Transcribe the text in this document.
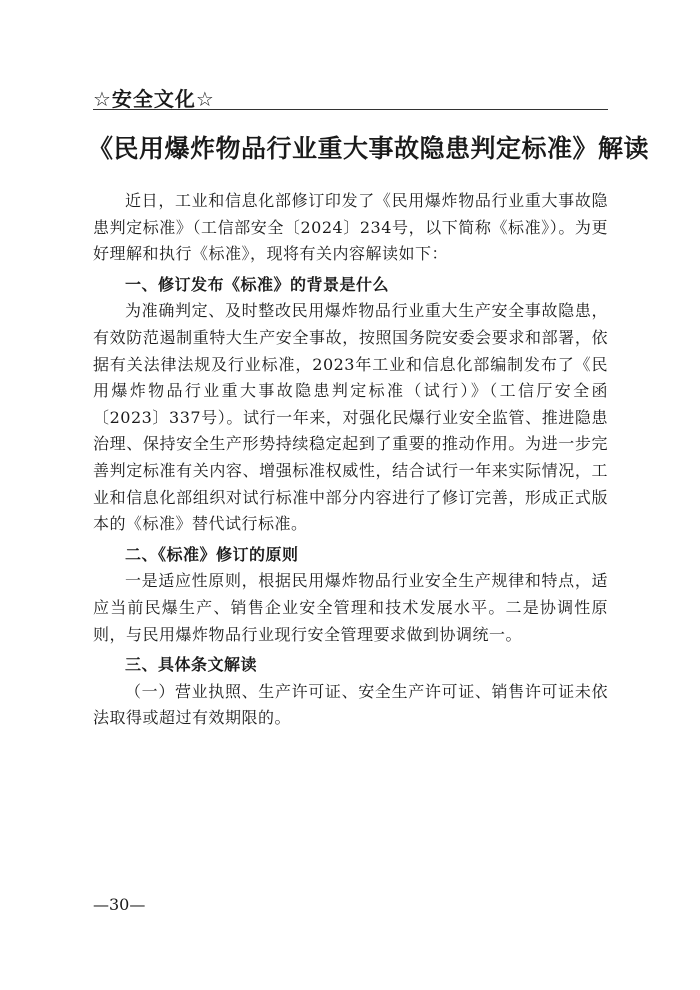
☆安全文化☆
《民用爆炸物品行业重大事故隐患判定标准》解读

近日，工业和信息化部修订印发了《民用爆炸物品行业重大事故隐患判定标准》（工信部安全〔2024〕234号，以下简称《标准》）。为更好理解和执行《标准》，现将有关内容解读如下：

一、修订发布《标准》的背景是什么

为准确判定、及时整改民用爆炸物品行业重大生产安全事故隐患，有效防范遏制重特大生产安全事故，按照国务院安委会要求和部署，依据有关法律法规及行业标准，2023年工业和信息化部编制发布了《民用爆炸物品行业重大事故隐患判定标准（试行）》（工信厅安全函〔2023〕337号）。试行一年来，对强化民爆行业安全监管、推进隐患治理、保持安全生产形势持续稳定起到了重要的推动作用。为进一步完善判定标准有关内容、增强标准权威性，结合试行一年来实际情况，工业和信息化部组织对试行标准中部分内容进行了修订完善，形成正式版本的《标准》替代试行标准。

二、《标准》修订的原则

一是适应性原则，根据民用爆炸物品行业安全生产规律和特点，适应当前民爆生产、销售企业安全管理和技术发展水平。二是协调性原则，与民用爆炸物品行业现行安全管理要求做到协调统一。

三、具体条文解读

（一）营业执照、生产许可证、安全生产许可证、销售许可证未依法取得或超过有效期限的。

—30—
